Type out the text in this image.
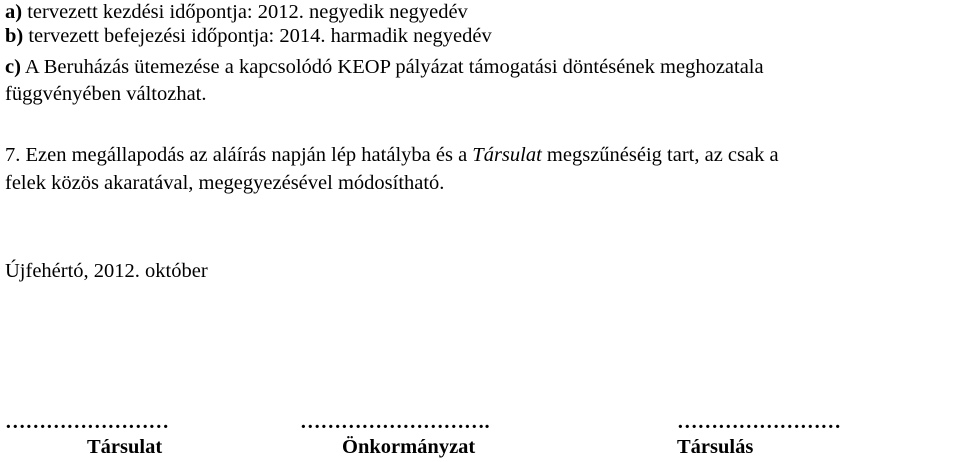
a) tervezett kezdési időpontja: 2012. negyedik negyedév
b) tervezett befejezési időpontja: 2014. harmadik negyedév
c) A Beruházás ütemezése a kapcsolódó KEOP pályázat támogatási döntésének meghozatala
függvényében változhat.
7. Ezen megállapodás az aláírás napján lép hatályba és a Társulat megszűnéséig tart, az csak a
felek közös akaratával, megegyezésével módosítható.
Újfehértó, 2012. október
……………………
Társulat
……………………….
Önkormányzat
……………………
Társulás
